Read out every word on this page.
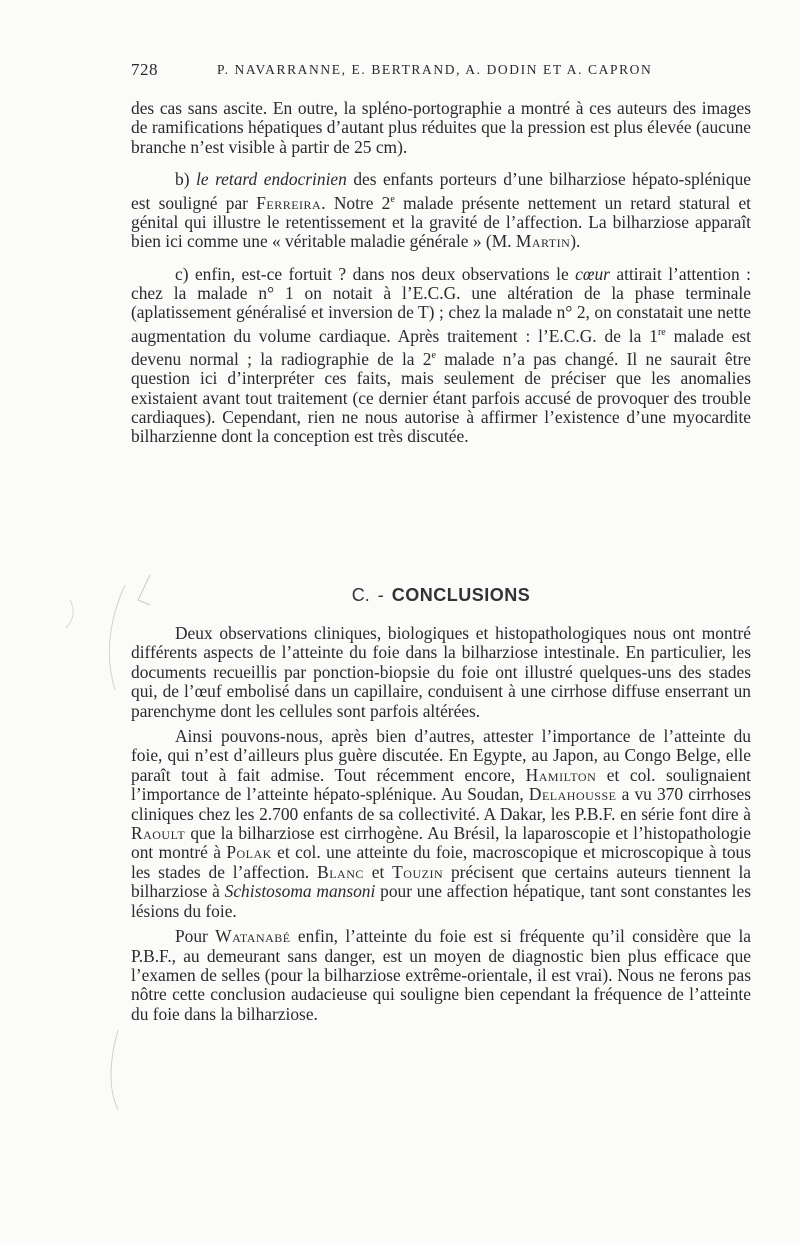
728	P. NAVARRANNE, E. BERTRAND, A. DODIN ET A. CAPRON

des cas sans ascite. En outre, la spléno-portographie a montré à ces auteurs des images de ramifications hépatiques d’autant plus réduites que la pression est plus élevée (aucune branche n’est visible à partir de 25 cm).

b) le retard endocrinien des enfants porteurs d’une bilharziose hépato-splénique est souligné par Ferreira. Notre 2e malade présente nettement un retard statural et génital qui illustre le retentissement et la gravité de l’affection. La bilharziose apparaît bien ici comme une « véritable maladie générale » (M. Martin).

c) enfin, est-ce fortuit ? dans nos deux observations le cœur attirait l’attention : chez la malade n° 1 on notait à l’E.C.G. une altération de la phase terminale (aplatissement généralisé et inversion de T) ; chez la malade n° 2, on constatait une nette augmentation du volume cardiaque. Après traitement : l’E.C.G. de la 1re malade est devenu normal ; la radiographie de la 2e malade n’a pas changé. Il ne saurait être question ici d’interpréter ces faits, mais seulement de préciser que les anomalies existaient avant tout traitement (ce dernier étant parfois accusé de provoquer des trouble cardiaques). Cependant, rien ne nous autorise à affirmer l’existence d’une myocardite bilharzienne dont la conception est très discutée.

C. - CONCLUSIONS

Deux observations cliniques, biologiques et histopathologiques nous ont montré différents aspects de l’atteinte du foie dans la bilharziose intestinale. En particulier, les documents recueillis par ponction-biopsie du foie ont illustré quelques-uns des stades qui, de l’œuf embolisé dans un capillaire, conduisent à une cirrhose diffuse enserrant un parenchyme dont les cellules sont parfois altérées.

Ainsi pouvons-nous, après bien d’autres, attester l’importance de l’atteinte du foie, qui n’est d’ailleurs plus guère discutée. En Egypte, au Japon, au Congo Belge, elle paraît tout à fait admise. Tout récemment encore, Hamilton et col. soulignaient l’importance de l’atteinte hépato-splénique. Au Soudan, Delahousse a vu 370 cirrhoses cliniques chez les 2.700 enfants de sa collectivité. A Dakar, les P.B.F. en série font dire à Raoult que la bilharziose est cirrhogène. Au Brésil, la laparoscopie et l’histopathologie ont montré à Polak et col. une atteinte du foie, macroscopique et microscopique à tous les stades de l’affection. Blanc et Touzin précisent que certains auteurs tiennent la bilharziose à Schistosoma mansoni pour une affection hépatique, tant sont constantes les lésions du foie.

Pour Watanabé enfin, l’atteinte du foie est si fréquente qu’il considère que la P.B.F., au demeurant sans danger, est un moyen de diagnostic bien plus efficace que l’examen de selles (pour la bilharziose extrême-orientale, il est vrai). Nous ne ferons pas nôtre cette conclusion audacieuse qui souligne bien cependant la fréquence de l’atteinte du foie dans la bilharziose.
